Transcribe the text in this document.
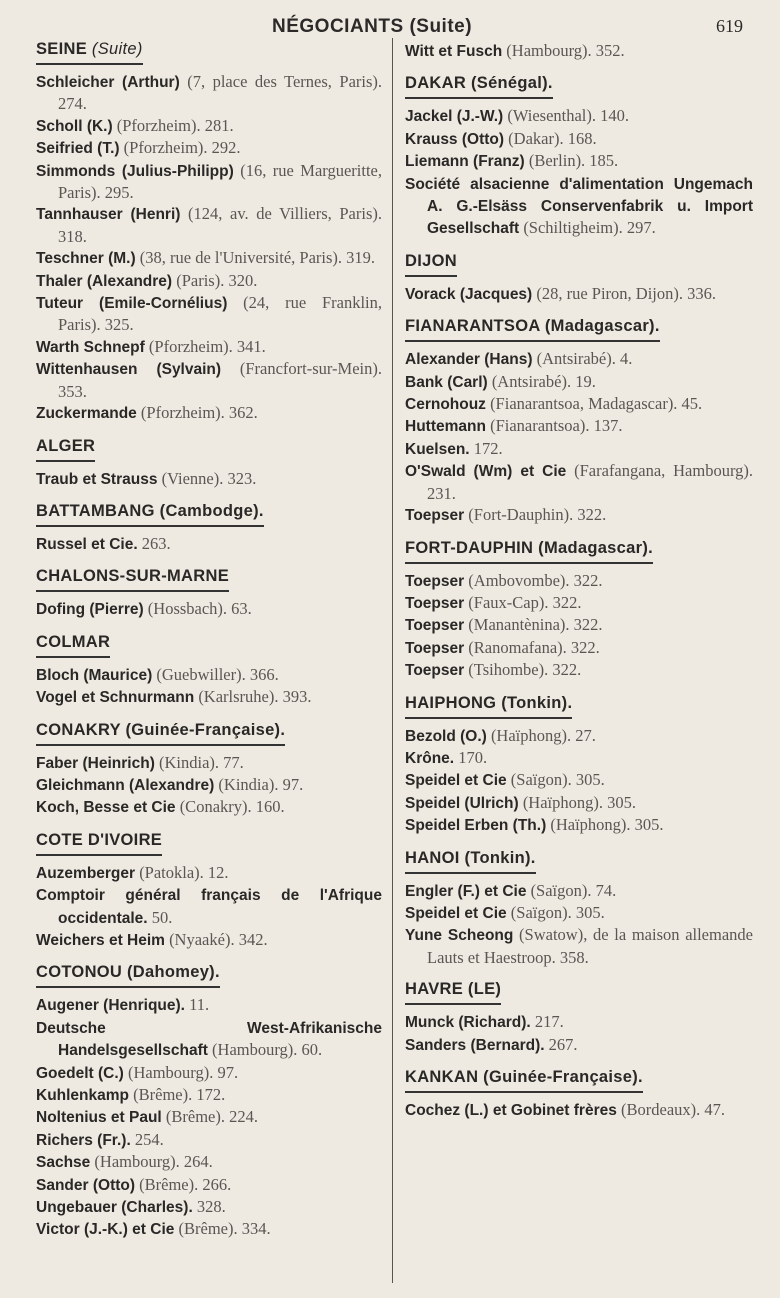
NÉGOCIANTS (Suite)	619
SEINE (Suite)
Schleicher (Arthur) (7, place des Ternes, Paris). 274.
Scholl (K.) (Pforzheim). 281.
Seifried (T.) (Pforzheim). 292.
Simmonds (Julius-Philipp) (16, rue Margueritte, Paris). 295.
Tannhauser (Henri) (124, av. de Villiers, Paris). 318.
Teschner (M.) (38, rue de l'Université, Paris). 319.
Thaler (Alexandre) (Paris). 320.
Tuteur (Emile-Cornélius) (24, rue Franklin, Paris). 325.
Warth Schnepf (Pforzheim). 341.
Wittenhausen (Sylvain) (Francfort-sur-Mein). 353.
Zuckermande (Pforzheim). 362.
ALGER
Traub et Strauss (Vienne). 323.
BATTAMBANG (Cambodge).
Russel et Cie. 263.
CHALONS-SUR-MARNE
Dofing (Pierre) (Hossbach). 63.
COLMAR
Bloch (Maurice) (Guebwiller). 366.
Vogel et Schnurmann (Karlsruhe). 393.
CONAKRY (Guinée-Française).
Faber (Heinrich) (Kindia). 77.
Gleichmann (Alexandre) (Kindia). 97.
Koch, Besse et Cie (Conakry). 160.
COTE D'IVOIRE
Auzemberger (Patokla). 12.
Comptoir général français de l'Afrique occidentale. 50.
Weichers et Heim (Nyaaké). 342.
COTONOU (Dahomey).
Augener (Henrique). 11.
Deutsche West-Afrikanische Handelsgesellschaft (Hambourg). 60.
Goedelt (C.) (Hambourg). 97.
Kuhlenkamp (Brême). 172.
Noltenius et Paul (Brême). 224.
Richers (Fr.). 254.
Sachse (Hambourg). 264.
Sander (Otto) (Brême). 266.
Ungebauer (Charles). 328.
Victor (J.-K.) et Cie (Brême). 334.
Witt et Fusch (Hambourg). 352.
DAKAR (Sénégal).
Jackel (J.-W.) (Wiesenthal). 140.
Krauss (Otto) (Dakar). 168.
Liemann (Franz) (Berlin). 185.
Société alsacienne d'alimentation Ungemach A. G.-Elsäss Conservenfabrik u. Import Gesellschaft (Schiltigheim). 297.
DIJON
Vorack (Jacques) (28, rue Piron, Dijon). 336.
FIANARANTSOA (Madagascar).
Alexander (Hans) (Antsirabé). 4.
Bank (Carl) (Antsirabé). 19.
Cernohouz (Fianarantsoa, Madagascar). 45.
Huttemann (Fianarantsoa). 137.
Kuelsen. 172.
O'Swald (Wm) et Cie (Farafangana, Hambourg). 231.
Toepser (Fort-Dauphin). 322.
FORT-DAUPHIN (Madagascar).
Toepser (Ambovombe). 322.
Toepser (Faux-Cap). 322.
Toepser (Manantènina). 322.
Toepser (Ranomafana). 322.
Toepser (Tsihombe). 322.
HAIPHONG (Tonkin).
Bezold (O.) (Haïphong). 27.
Krône. 170.
Speidel et Cie (Saïgon). 305.
Speidel (Ulrich) (Haïphong). 305.
Speidel Erben (Th.) (Haïphong). 305.
HANOI (Tonkin).
Engler (F.) et Cie (Saïgon). 74.
Speidel et Cie (Saïgon). 305.
Yune Scheong (Swatow), de la maison allemande Lauts et Haestroop. 358.
HAVRE (LE)
Munck (Richard). 217.
Sanders (Bernard). 267.
KANKAN (Guinée-Française).
Cochez (L.) et Gobinet frères (Bordeaux). 47.
